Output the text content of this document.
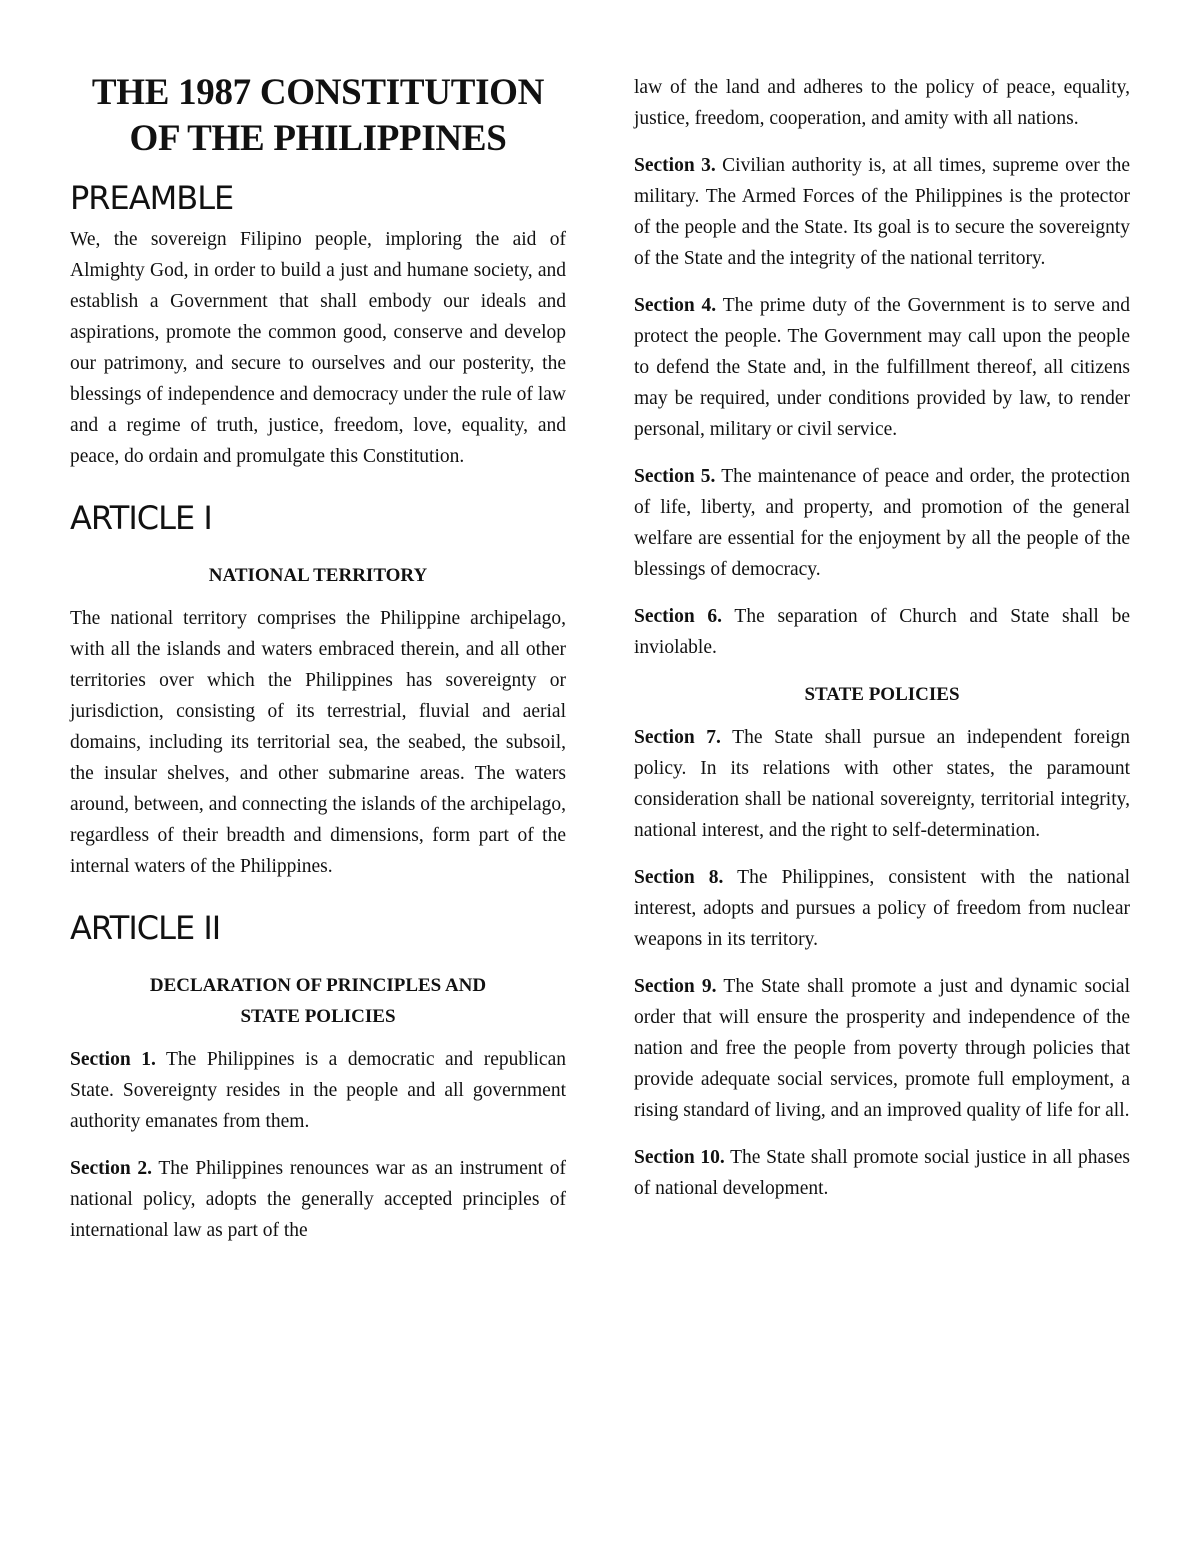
THE 1987 CONSTITUTION
OF THE PHILIPPINES
PREAMBLE

We, the sovereign Filipino people, imploring the aid of Almighty God, in order to build a just and humane society, and establish a Government that shall embody our ideals and aspirations, promote the common good, conserve and develop our patrimony, and secure to ourselves and our posterity, the blessings of independence and democracy under the rule of law and a regime of truth, justice, freedom, love, equality, and peace, do ordain and promulgate this Constitution.

ARTICLE I
NATIONAL TERRITORY

The national territory comprises the Philippine archipelago, with all the islands and waters embraced therein, and all other territories over which the Philippines has sovereignty or jurisdiction, consisting of its terrestrial, fluvial and aerial domains, including its territorial sea, the seabed, the subsoil, the insular shelves, and other submarine areas. The waters around, between, and connecting the islands of the archipelago, regardless of their breadth and dimensions, form part of the internal waters of the Philippines.

ARTICLE II
DECLARATION OF PRINCIPLES AND
STATE POLICIES

Section 1. The Philippines is a democratic and republican State. Sovereignty resides in the people and all government authority emanates from them.

Section 2. The Philippines renounces war as an instrument of national policy, adopts the generally accepted principles of international law as part of the

law of the land and adheres to the policy of peace, equality, justice, freedom, cooperation, and amity with all nations.

Section 3. Civilian authority is, at all times, supreme over the military. The Armed Forces of the Philippines is the protector of the people and the State. Its goal is to secure the sovereignty of the State and the integrity of the national territory.

Section 4. The prime duty of the Government is to serve and protect the people. The Government may call upon the people to defend the State and, in the fulfillment thereof, all citizens may be required, under conditions provided by law, to render personal, military or civil service.

Section 5. The maintenance of peace and order, the protection of life, liberty, and property, and promotion of the general welfare are essential for the enjoyment by all the people of the blessings of democracy.

Section 6. The separation of Church and State shall be inviolable.

STATE POLICIES

Section 7. The State shall pursue an independent foreign policy. In its relations with other states, the paramount consideration shall be national sovereignty, territorial integrity, national interest, and the right to self-determination.

Section 8. The Philippines, consistent with the national interest, adopts and pursues a policy of freedom from nuclear weapons in its territory.

Section 9. The State shall promote a just and dynamic social order that will ensure the prosperity and independence of the nation and free the people from poverty through policies that provide adequate social services, promote full employment, a rising standard of living, and an improved quality of life for all.

Section 10. The State shall promote social justice in all phases of national development.
